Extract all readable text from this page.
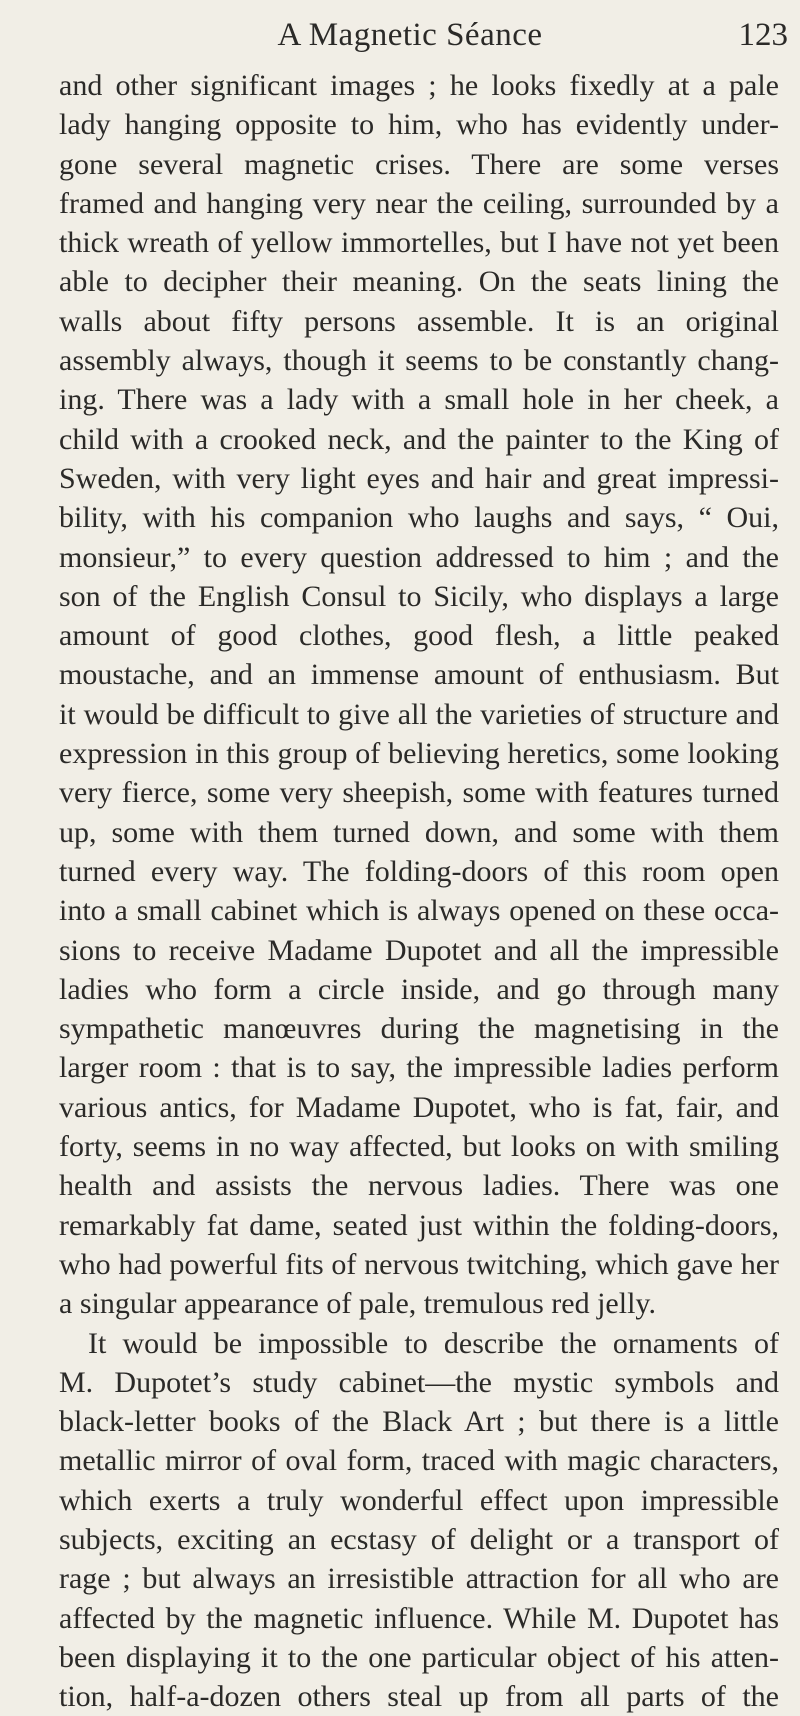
A Magnetic Séance	123
and other significant images ; he looks fixedly at a pale
lady hanging opposite to him, who has evidently under-
gone several magnetic crises. There are some verses
framed and hanging very near the ceiling, surrounded by a
thick wreath of yellow immortelles, but I have not yet been
able to decipher their meaning. On the seats lining the
walls about fifty persons assemble. It is an original
assembly always, though it seems to be constantly chang-
ing. There was a lady with a small hole in her cheek, a
child with a crooked neck, and the painter to the King of
Sweden, with very light eyes and hair and great impressi-
bility, with his companion who laughs and says, “ Oui,
monsieur,” to every question addressed to him ; and the
son of the English Consul to Sicily, who displays a large
amount of good clothes, good flesh, a little peaked
moustache, and an immense amount of enthusiasm. But
it would be difficult to give all the varieties of structure and
expression in this group of believing heretics, some looking
very fierce, some very sheepish, some with features turned
up, some with them turned down, and some with them
turned every way. The folding-doors of this room open
into a small cabinet which is always opened on these occa-
sions to receive Madame Dupotet and all the impressible
ladies who form a circle inside, and go through many
sympathetic manœuvres during the magnetising in the
larger room : that is to say, the impressible ladies perform
various antics, for Madame Dupotet, who is fat, fair, and
forty, seems in no way affected, but looks on with smiling
health and assists the nervous ladies. There was one
remarkably fat dame, seated just within the folding-doors,
who had powerful fits of nervous twitching, which gave her
a singular appearance of pale, tremulous red jelly.
It would be impossible to describe the ornaments of
M. Dupotet’s study cabinet—the mystic symbols and
black-letter books of the Black Art ; but there is a little
metallic mirror of oval form, traced with magic characters,
which exerts a truly wonderful effect upon impressible
subjects, exciting an ecstasy of delight or a transport of
rage ; but always an irresistible attraction for all who are
affected by the magnetic influence. While M. Dupotet has
been displaying it to the one particular object of his atten-
tion, half-a-dozen others steal up from all parts of the
